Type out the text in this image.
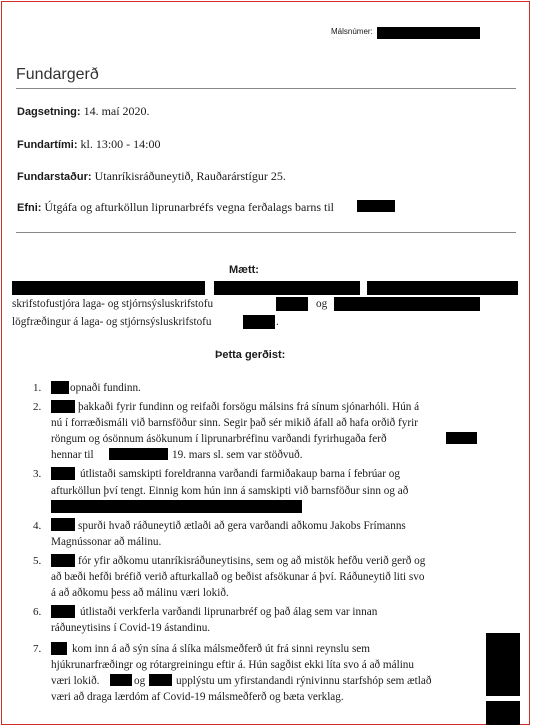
Málsnúmer:
Fundargerð
Dagsetning: 14. maí 2020.
Fundartími: kl. 13:00 - 14:00
Fundarstaður: Utanríkisráðuneytið, Rauðarárstígur 25.
Efni: Útgáfa og afturköllun liprunarbréfs vegna ferðalags barns til
Mætt:
skrifstofustjóra laga- og stjórnsýsluskrifstofu	og
lögfræðingur á laga- og stjórnsýsluskrifstofu	.
Þetta gerðist:
1.	opnaði fundinn.
2.	þakkaði fyrir fundinn og reifaði forsögu málsins frá sínum sjónarhóli. Hún á
nú í forræðismáli við barnsföður sinn. Segir það sér mikið áfall að hafa orðið fyrir
röngum og ósönnum ásökunum í liprunarbréfinu varðandi fyrirhugaða ferð
hennar til	19. mars sl. sem var stöðvuð.
3.	útlistaði samskipti foreldranna varðandi farmiðakaup barna í febrúar og
afturköllun því tengt. Einnig kom hún inn á samskipti við barnsföður sinn og að
4.	spurði hvað ráðuneytið ætlaði að gera varðandi aðkomu Jakobs Frímanns
Magnússonar að málinu.
5.	fór yfir aðkomu utanríkisráðuneytisins, sem og að mistök hefðu verið gerð og
að bæði hefði bréfið verið afturkallað og beðist afsökunar á því. Ráðuneytið liti svo
á að aðkomu þess að málinu væri lokið.
6.	útlistaði verkferla varðandi liprunarbréf og það álag sem var innan
ráðuneytisins í Covid-19 ástandinu.
7.	kom inn á að sýn sína á slíka málsmeðferð út frá sinni reynslu sem
hjúkrunarfræðingr og rótargreiningu eftir á. Hún sagðist ekki líta svo á að málinu
væri lokið.	og	upplýstu um yfirstandandi rýnivinnu starfshóp sem ætlað
væri að draga lærdóm af Covid-19 málsmeðferð og bæta verklag.
